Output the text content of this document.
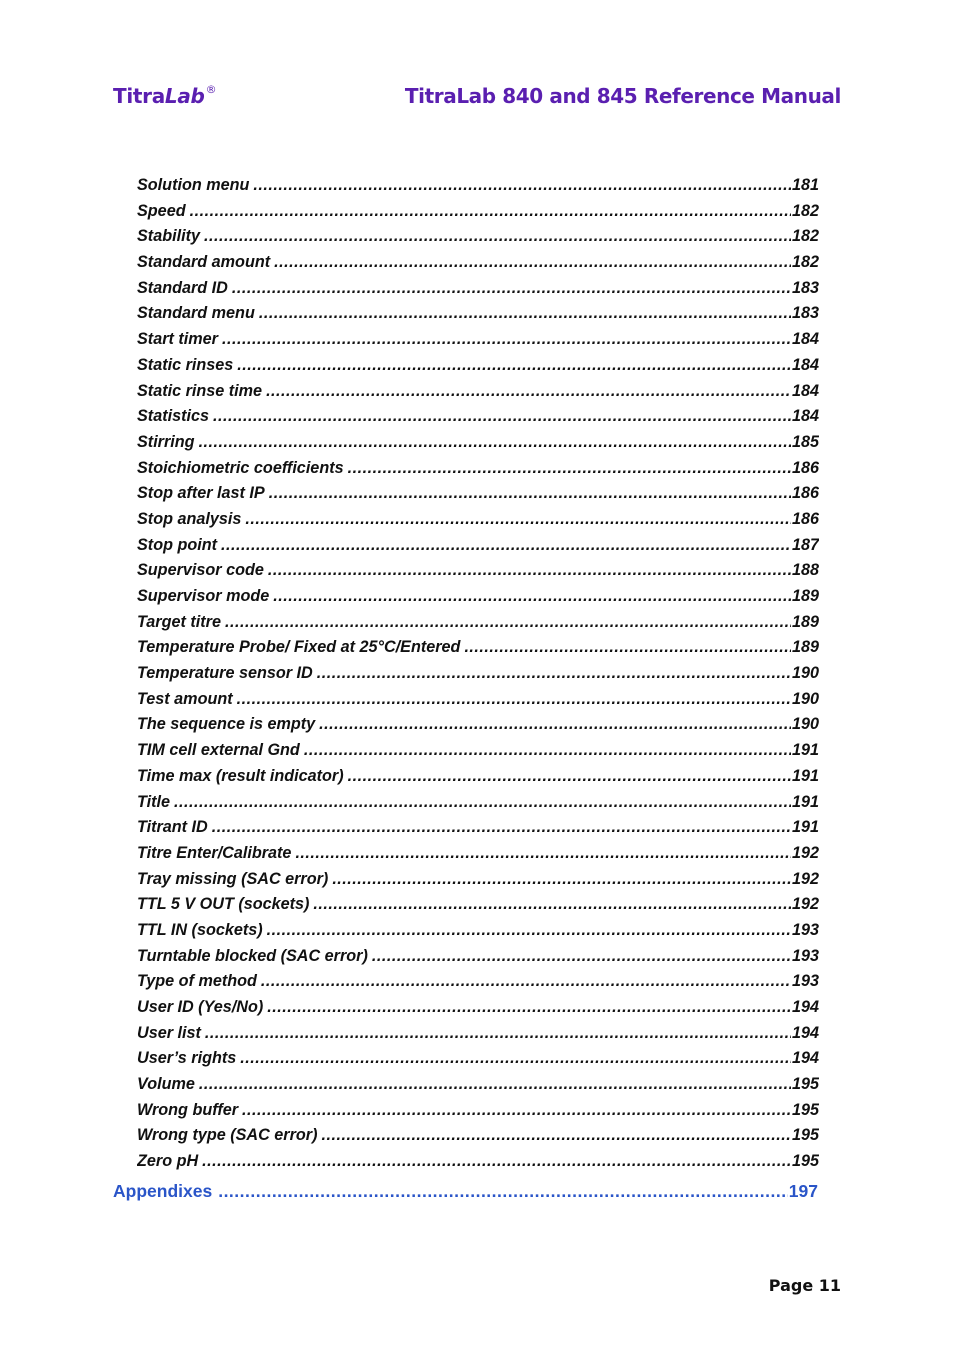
TitraLab®	TitraLab 840 and 845 Reference Manual
Solution menu .....	181
Speed .....	182
Stability .....	182
Standard amount .....	182
Standard ID .....	183
Standard menu .....	183
Start timer .....	184
Static rinses .....	184
Static rinse time .....	184
Statistics .....	184
Stirring .....	185
Stoichiometric coefficients .....	186
Stop after last IP .....	186
Stop analysis .....	186
Stop point .....	187
Supervisor code .....	188
Supervisor mode .....	189
Target titre .....	189
Temperature Probe/ Fixed at 25°C/Entered .....	189
Temperature sensor ID .....	190
Test amount .....	190
The sequence is empty .....	190
TIM cell external Gnd .....	191
Time max (result indicator) .....	191
Title .....	191
Titrant ID .....	191
Titre Enter/Calibrate .....	192
Tray missing (SAC error) .....	192
TTL 5 V OUT (sockets) .....	192
TTL IN (sockets) .....	193
Turntable blocked (SAC error) .....	193
Type of method .....	193
User ID (Yes/No) .....	194
User list .....	194
User’s rights .....	194
Volume .....	195
Wrong buffer .....	195
Wrong type (SAC error) .....	195
Zero pH .....	195
Appendixes .....	197
Page 11
